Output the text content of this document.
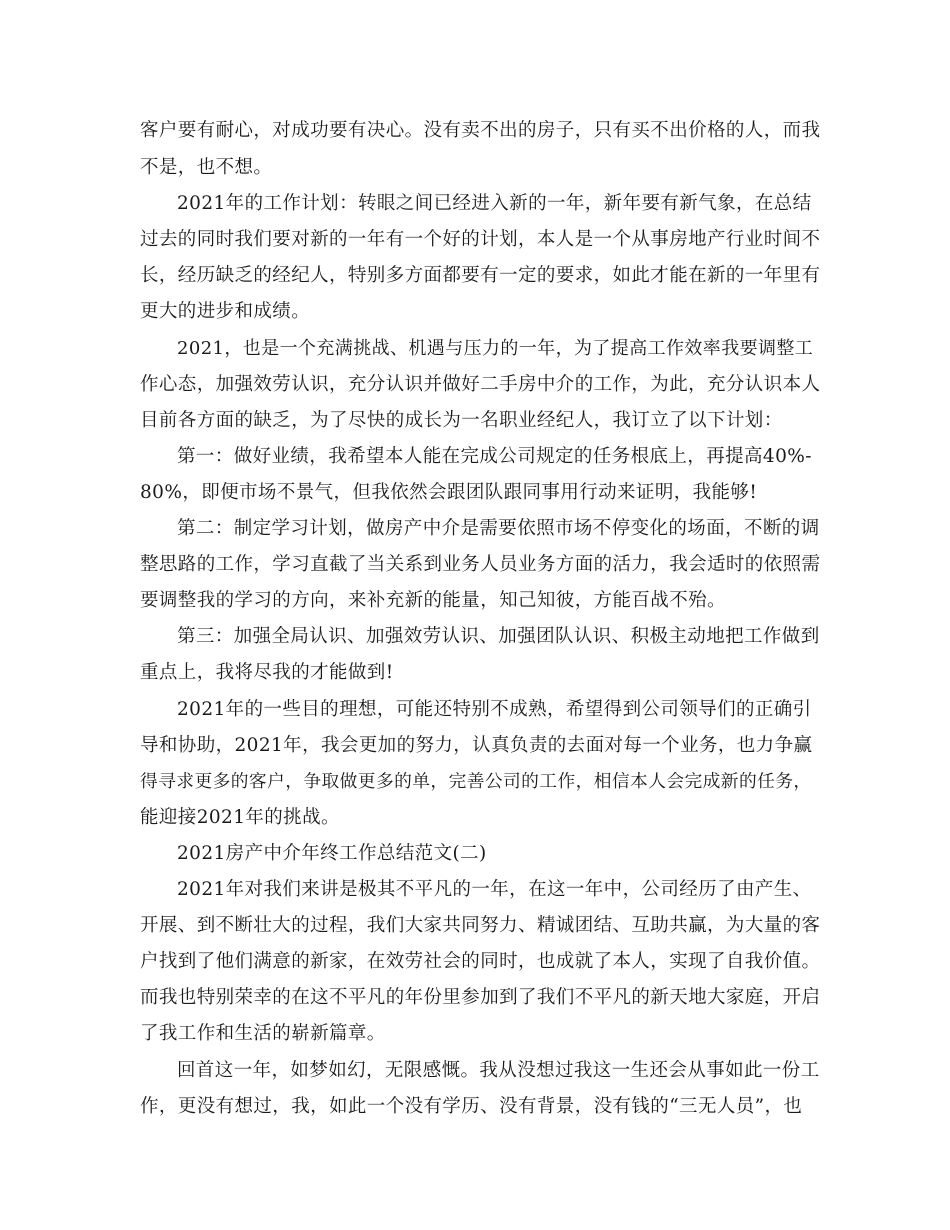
客户要有耐心，对成功要有决心。没有卖不出的房子，只有买不出价格的人，而我
不是，也不想。
2021年的工作计划：转眼之间已经进入新的一年，新年要有新气象，在总结
过去的同时我们要对新的一年有一个好的计划，本人是一个从事房地产行业时间不
长，经历缺乏的经纪人，特别多方面都要有一定的要求，如此才能在新的一年里有
更大的进步和成绩。
2021，也是一个充满挑战、机遇与压力的一年，为了提高工作效率我要调整工
作心态，加强效劳认识，充分认识并做好二手房中介的工作，为此，充分认识本人
目前各方面的缺乏，为了尽快的成长为一名职业经纪人，我订立了以下计划：
第一：做好业绩，我希望本人能在完成公司规定的任务根底上，再提高40%-
80%，即便市场不景气，但我依然会跟团队跟同事用行动来证明，我能够!
第二：制定学习计划，做房产中介是需要依照市场不停变化的场面，不断的调
整思路的工作，学习直截了当关系到业务人员业务方面的活力，我会适时的依照需
要调整我的学习的方向，来补充新的能量，知己知彼，方能百战不殆。
第三：加强全局认识、加强效劳认识、加强团队认识、积极主动地把工作做到
重点上，我将尽我的才能做到!
2021年的一些目的理想，可能还特别不成熟，希望得到公司领导们的正确引
导和协助，2021年，我会更加的努力，认真负责的去面对每一个业务，也力争赢
得寻求更多的客户，争取做更多的单，完善公司的工作，相信本人会完成新的任务，
能迎接2021年的挑战。
2021房产中介年终工作总结范文(二)
2021年对我们来讲是极其不平凡的一年，在这一年中，公司经历了由产生、
开展、到不断壮大的过程，我们大家共同努力、精诚团结、互助共赢，为大量的客
户找到了他们满意的新家，在效劳社会的同时，也成就了本人，实现了自我价值。
而我也特别荣幸的在这不平凡的年份里参加到了我们不平凡的新天地大家庭，开启
了我工作和生活的崭新篇章。
回首这一年，如梦如幻，无限感慨。我从没想过我这一生还会从事如此一份工
作，更没有想过，我，如此一个没有学历、没有背景，没有钱的“三无人员”，也
